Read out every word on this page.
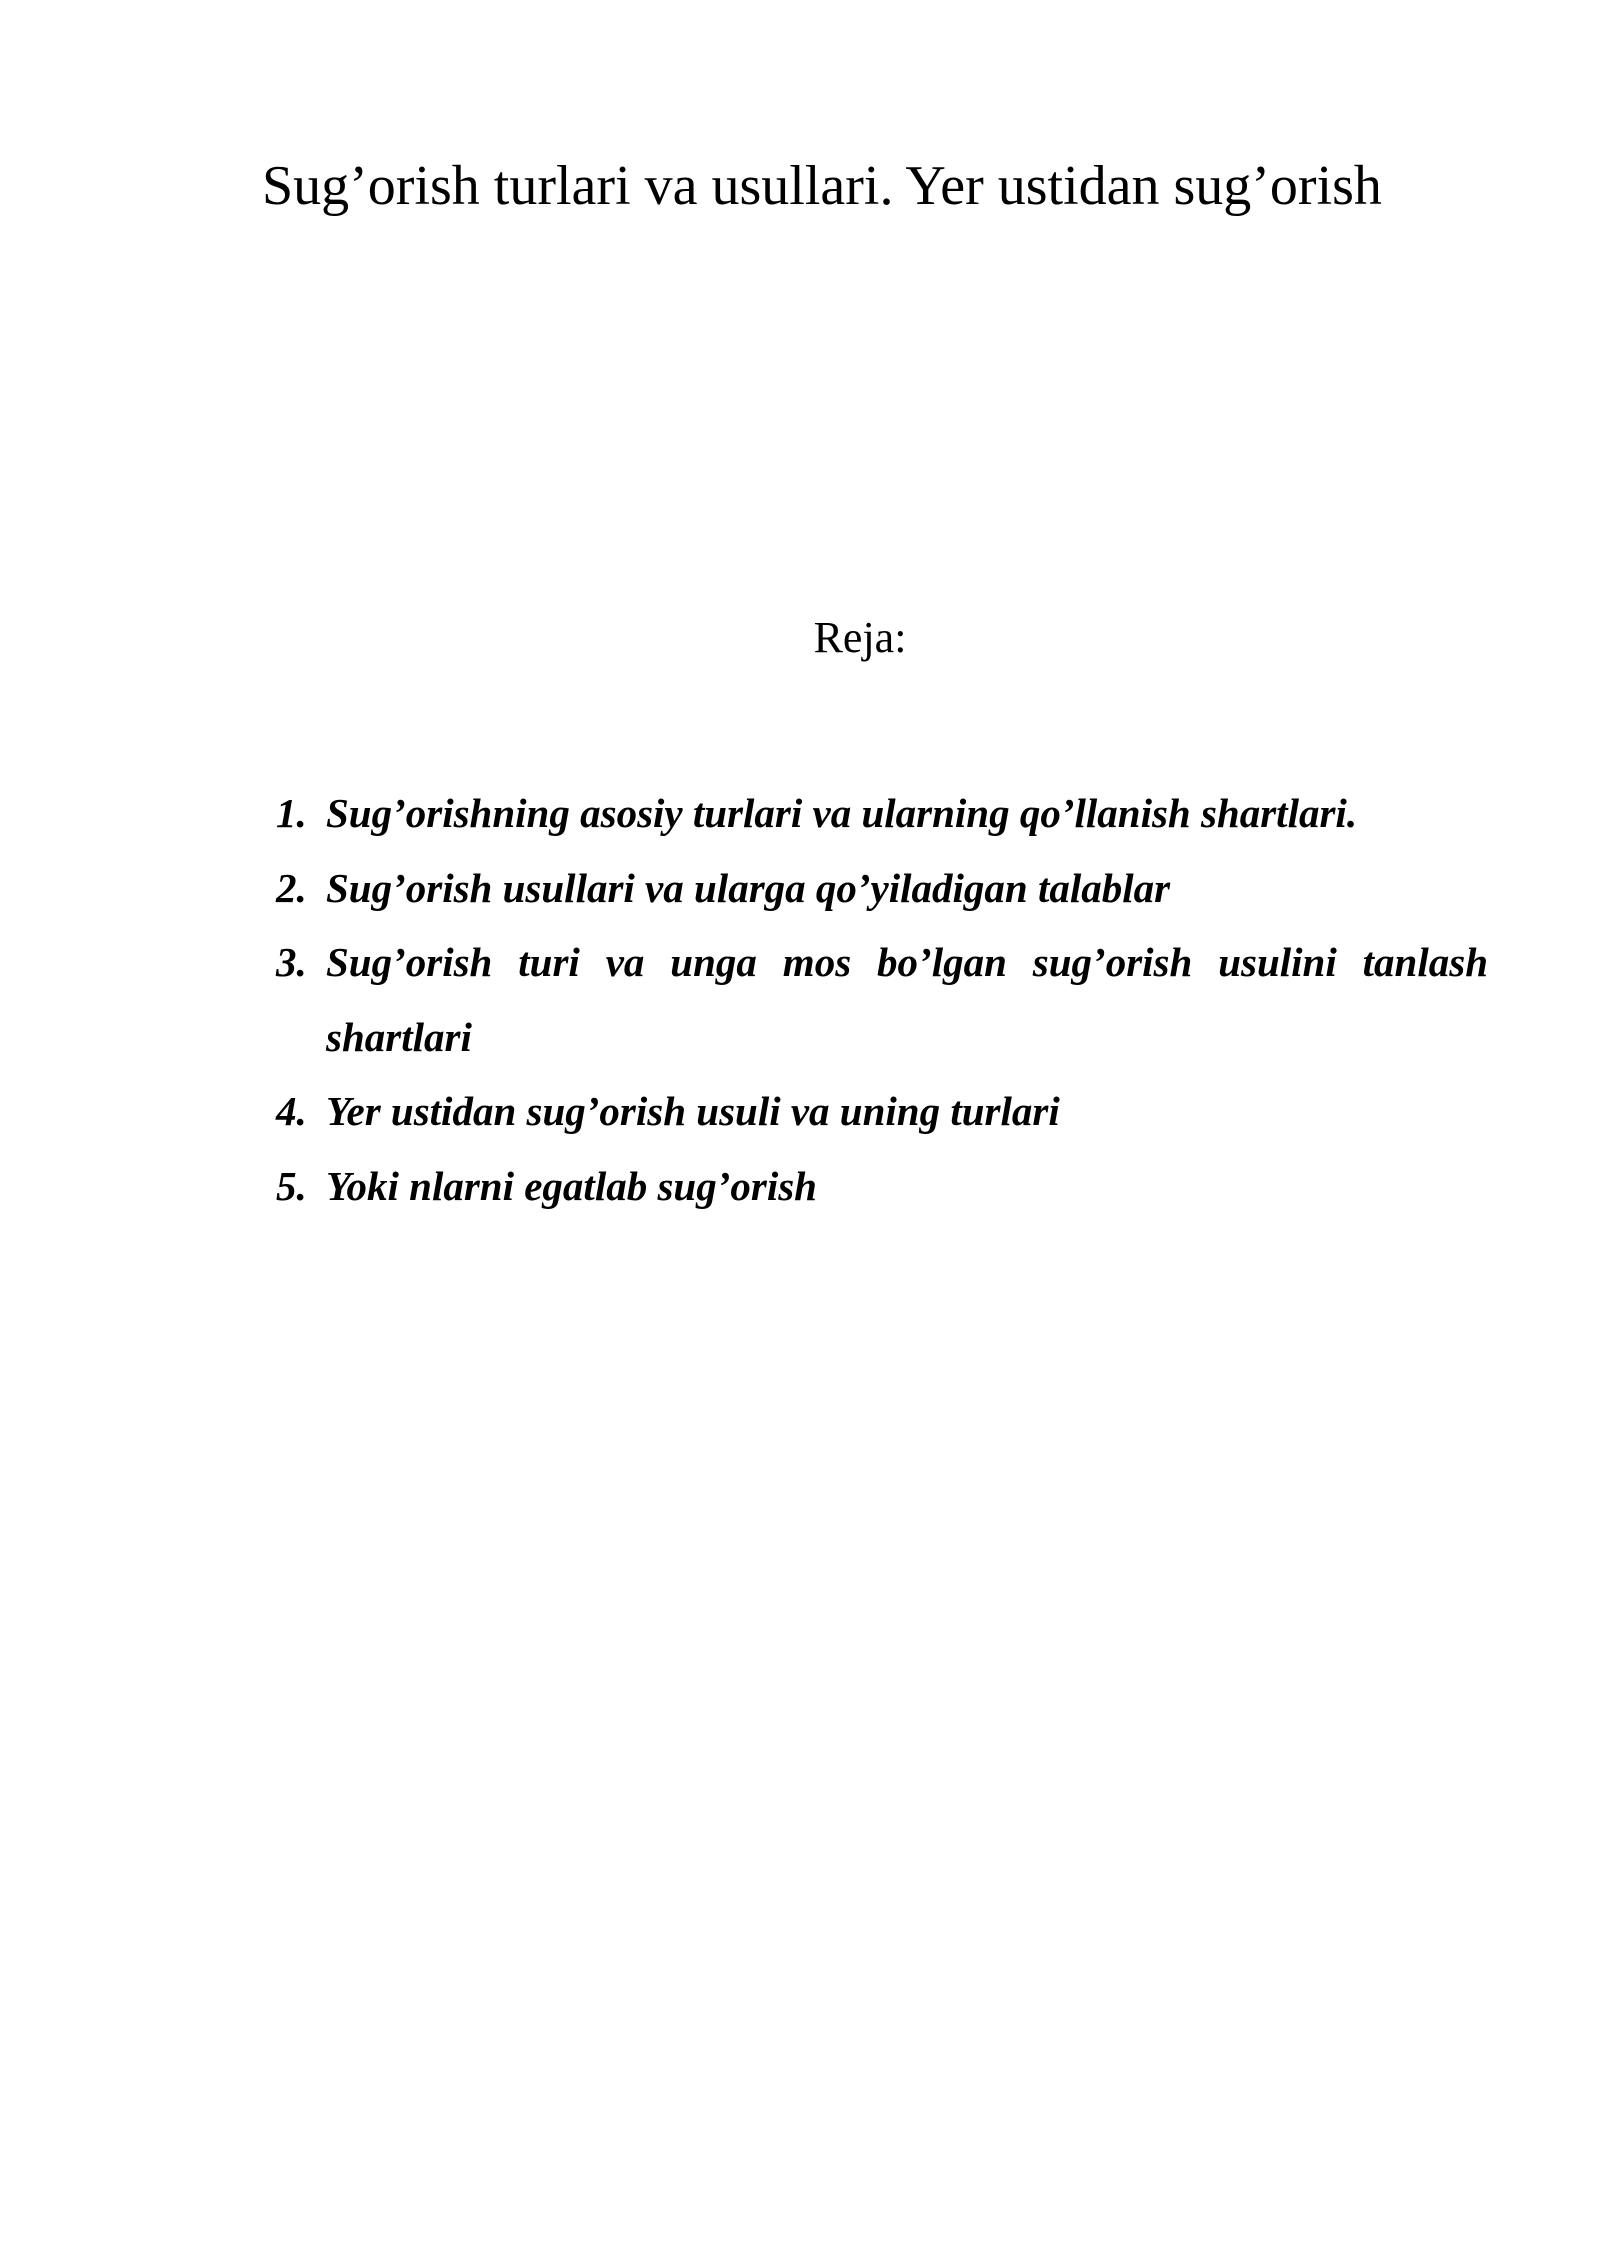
Sug’orish turlari va usullari. Yer ustidan sug’orish
Reja:
1. Sug’orishning asosiy turlari va ularning qo’llanish shartlari.
2. Sug’orish usullari va ularga qo’yiladigan talablar
3. Sug’orish turi va unga mos bo’lgan sug’orish usulini tanlash shartlari
4. Yer ustidan sug’orish usuli va uning turlari
5. Yoki nlarni egatlab sug’orish
